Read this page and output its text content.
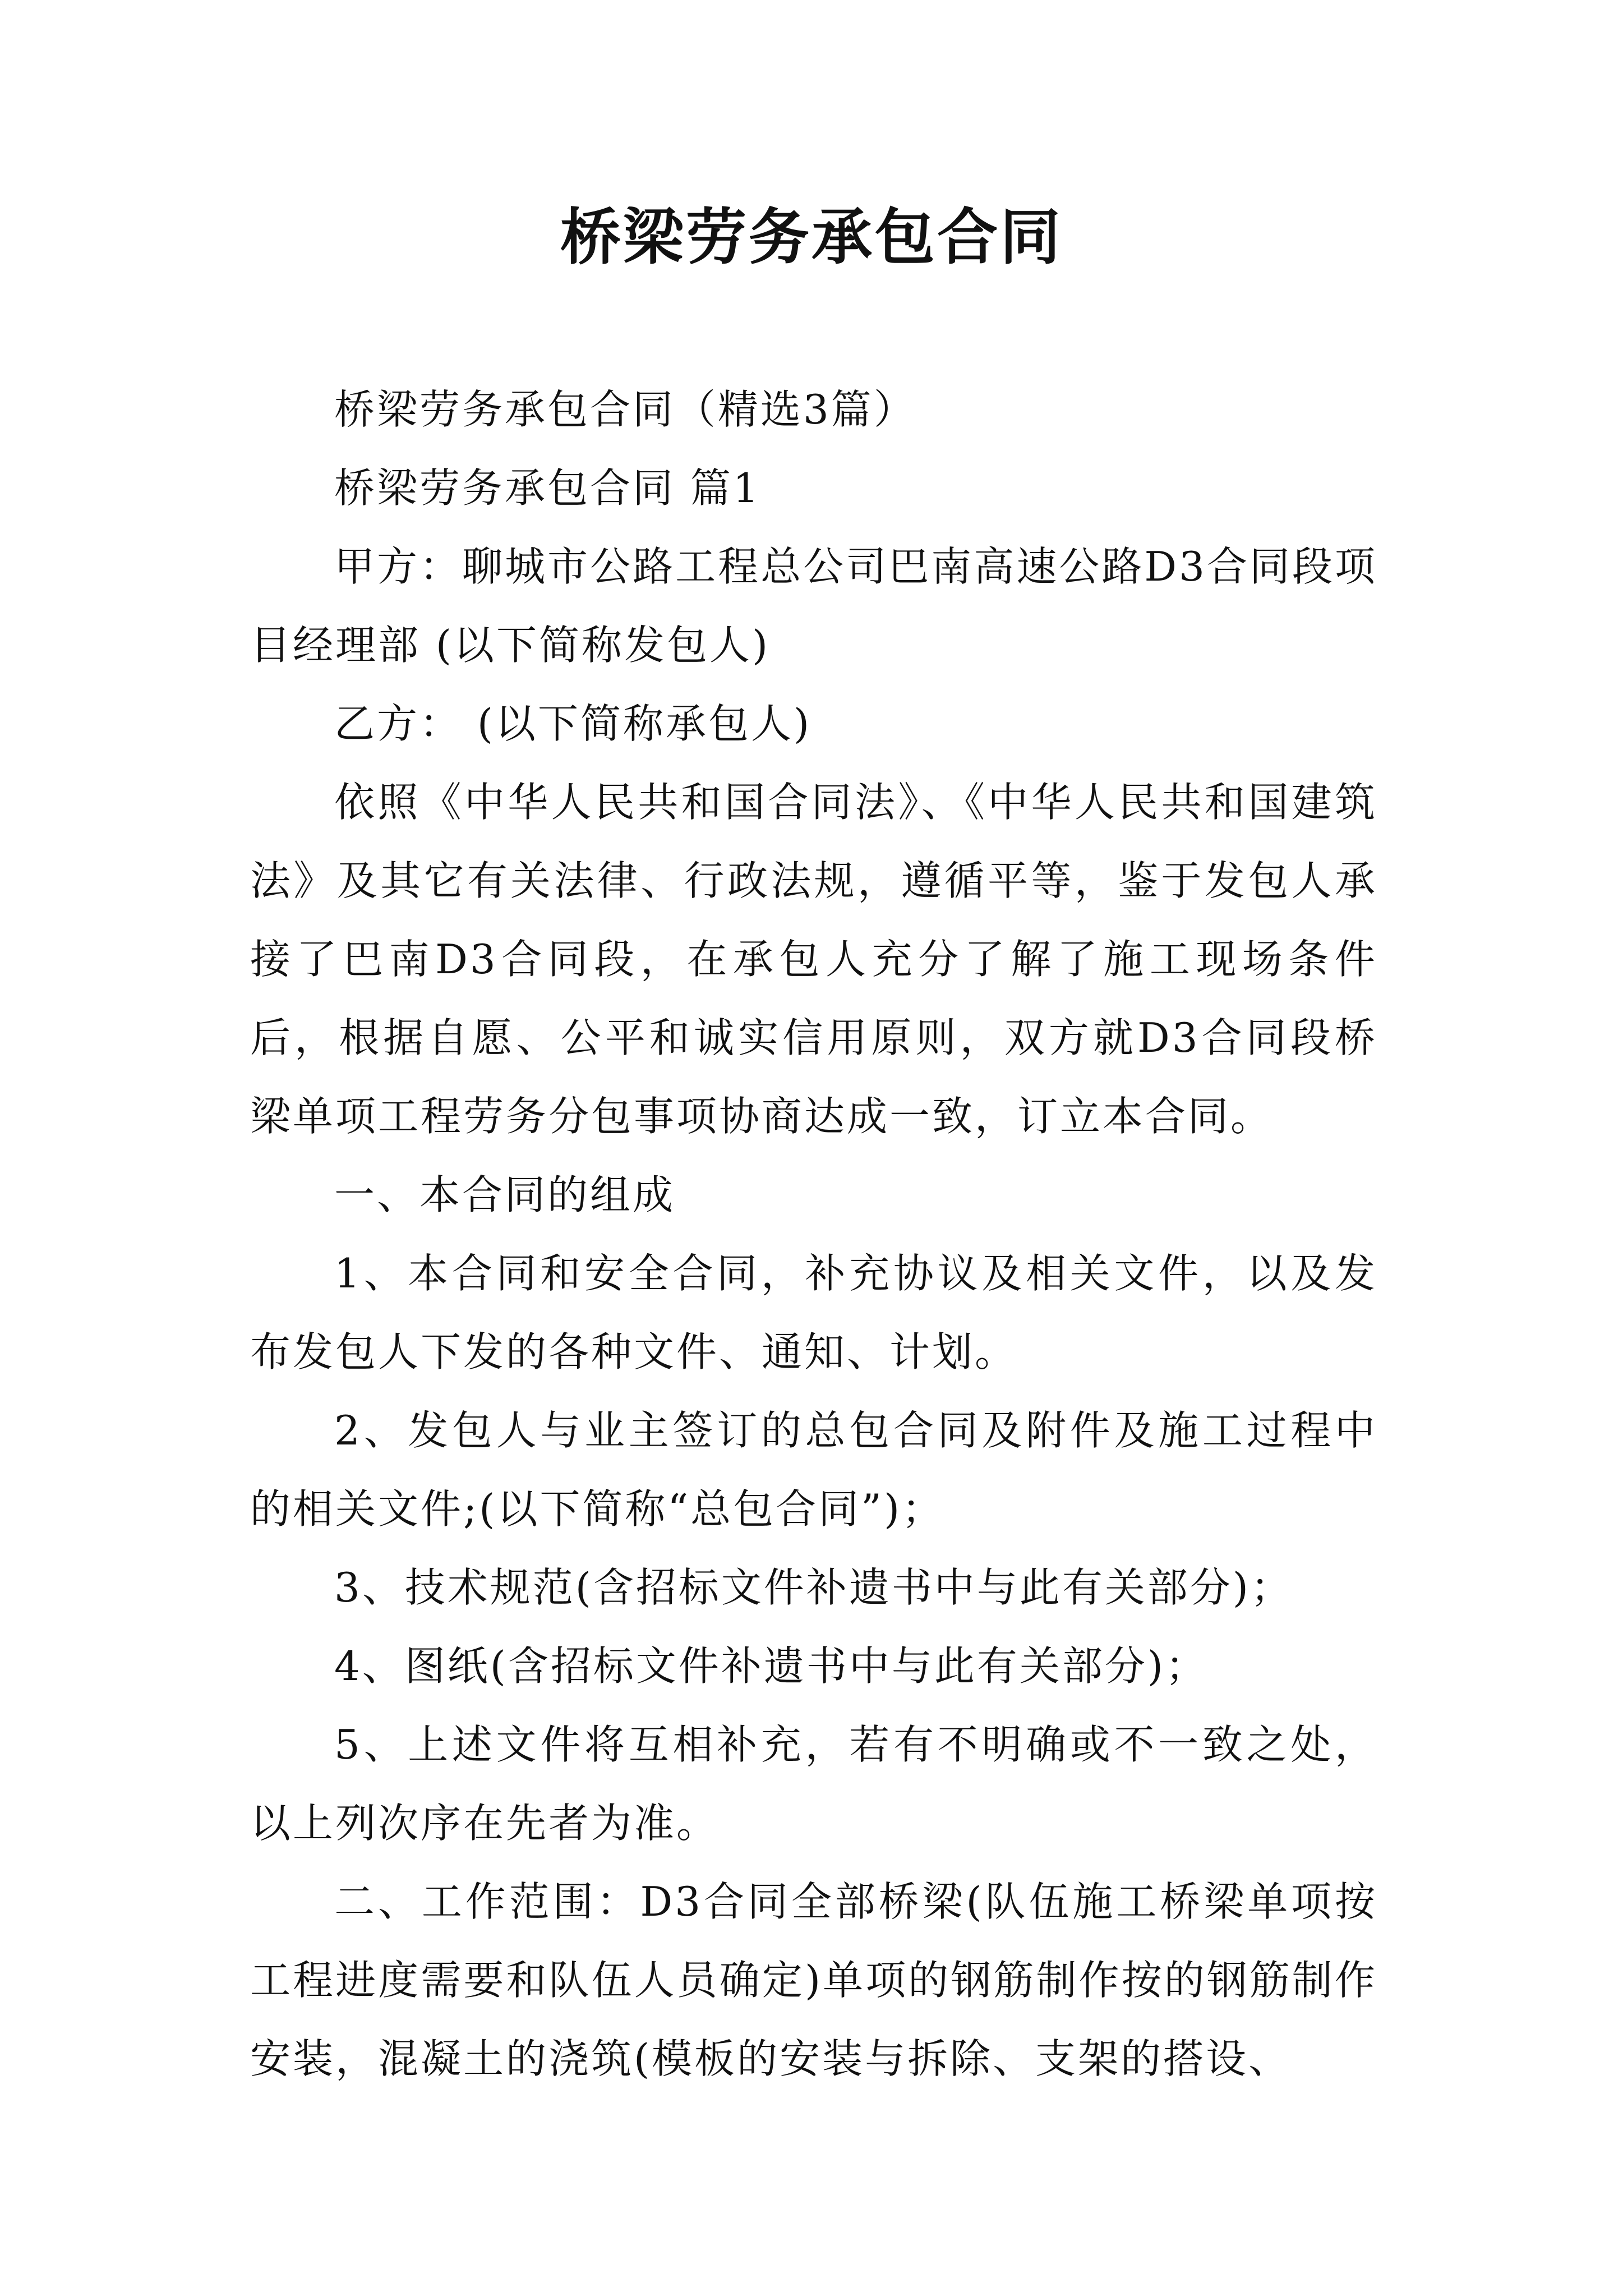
桥梁劳务承包合同

桥梁劳务承包合同（精选3篇）

桥梁劳务承包合同 篇1

甲方：聊城市公路工程总公司巴南高速公路D3合同段项目经理部 (以下简称发包人)

乙方： (以下简称承包人)

依照《中华人民共和国合同法》、《中华人民共和国建筑法》及其它有关法律、行政法规，遵循平等，鉴于发包人承接了巴南D3合同段，在承包人充分了解了施工现场条件后，根据自愿、公平和诚实信用原则，双方就D3合同段桥梁单项工程劳务分包事项协商达成一致，订立本合同。

一、本合同的组成

1、本合同和安全合同，补充协议及相关文件，以及发布发包人下发的各种文件、通知、计划。

2、发包人与业主签订的总包合同及附件及施工过程中的相关文件;(以下简称“总包合同”)；

3、技术规范(含招标文件补遗书中与此有关部分)；

4、图纸(含招标文件补遗书中与此有关部分)；

5、上述文件将互相补充，若有不明确或不一致之处，以上列次序在先者为准。

二、工作范围：D3合同全部桥梁(队伍施工桥梁单项按工程进度需要和队伍人员确定)单项的钢筋制作按的钢筋制作安装，混凝土的浇筑(模板的安装与拆除、支架的搭设、
